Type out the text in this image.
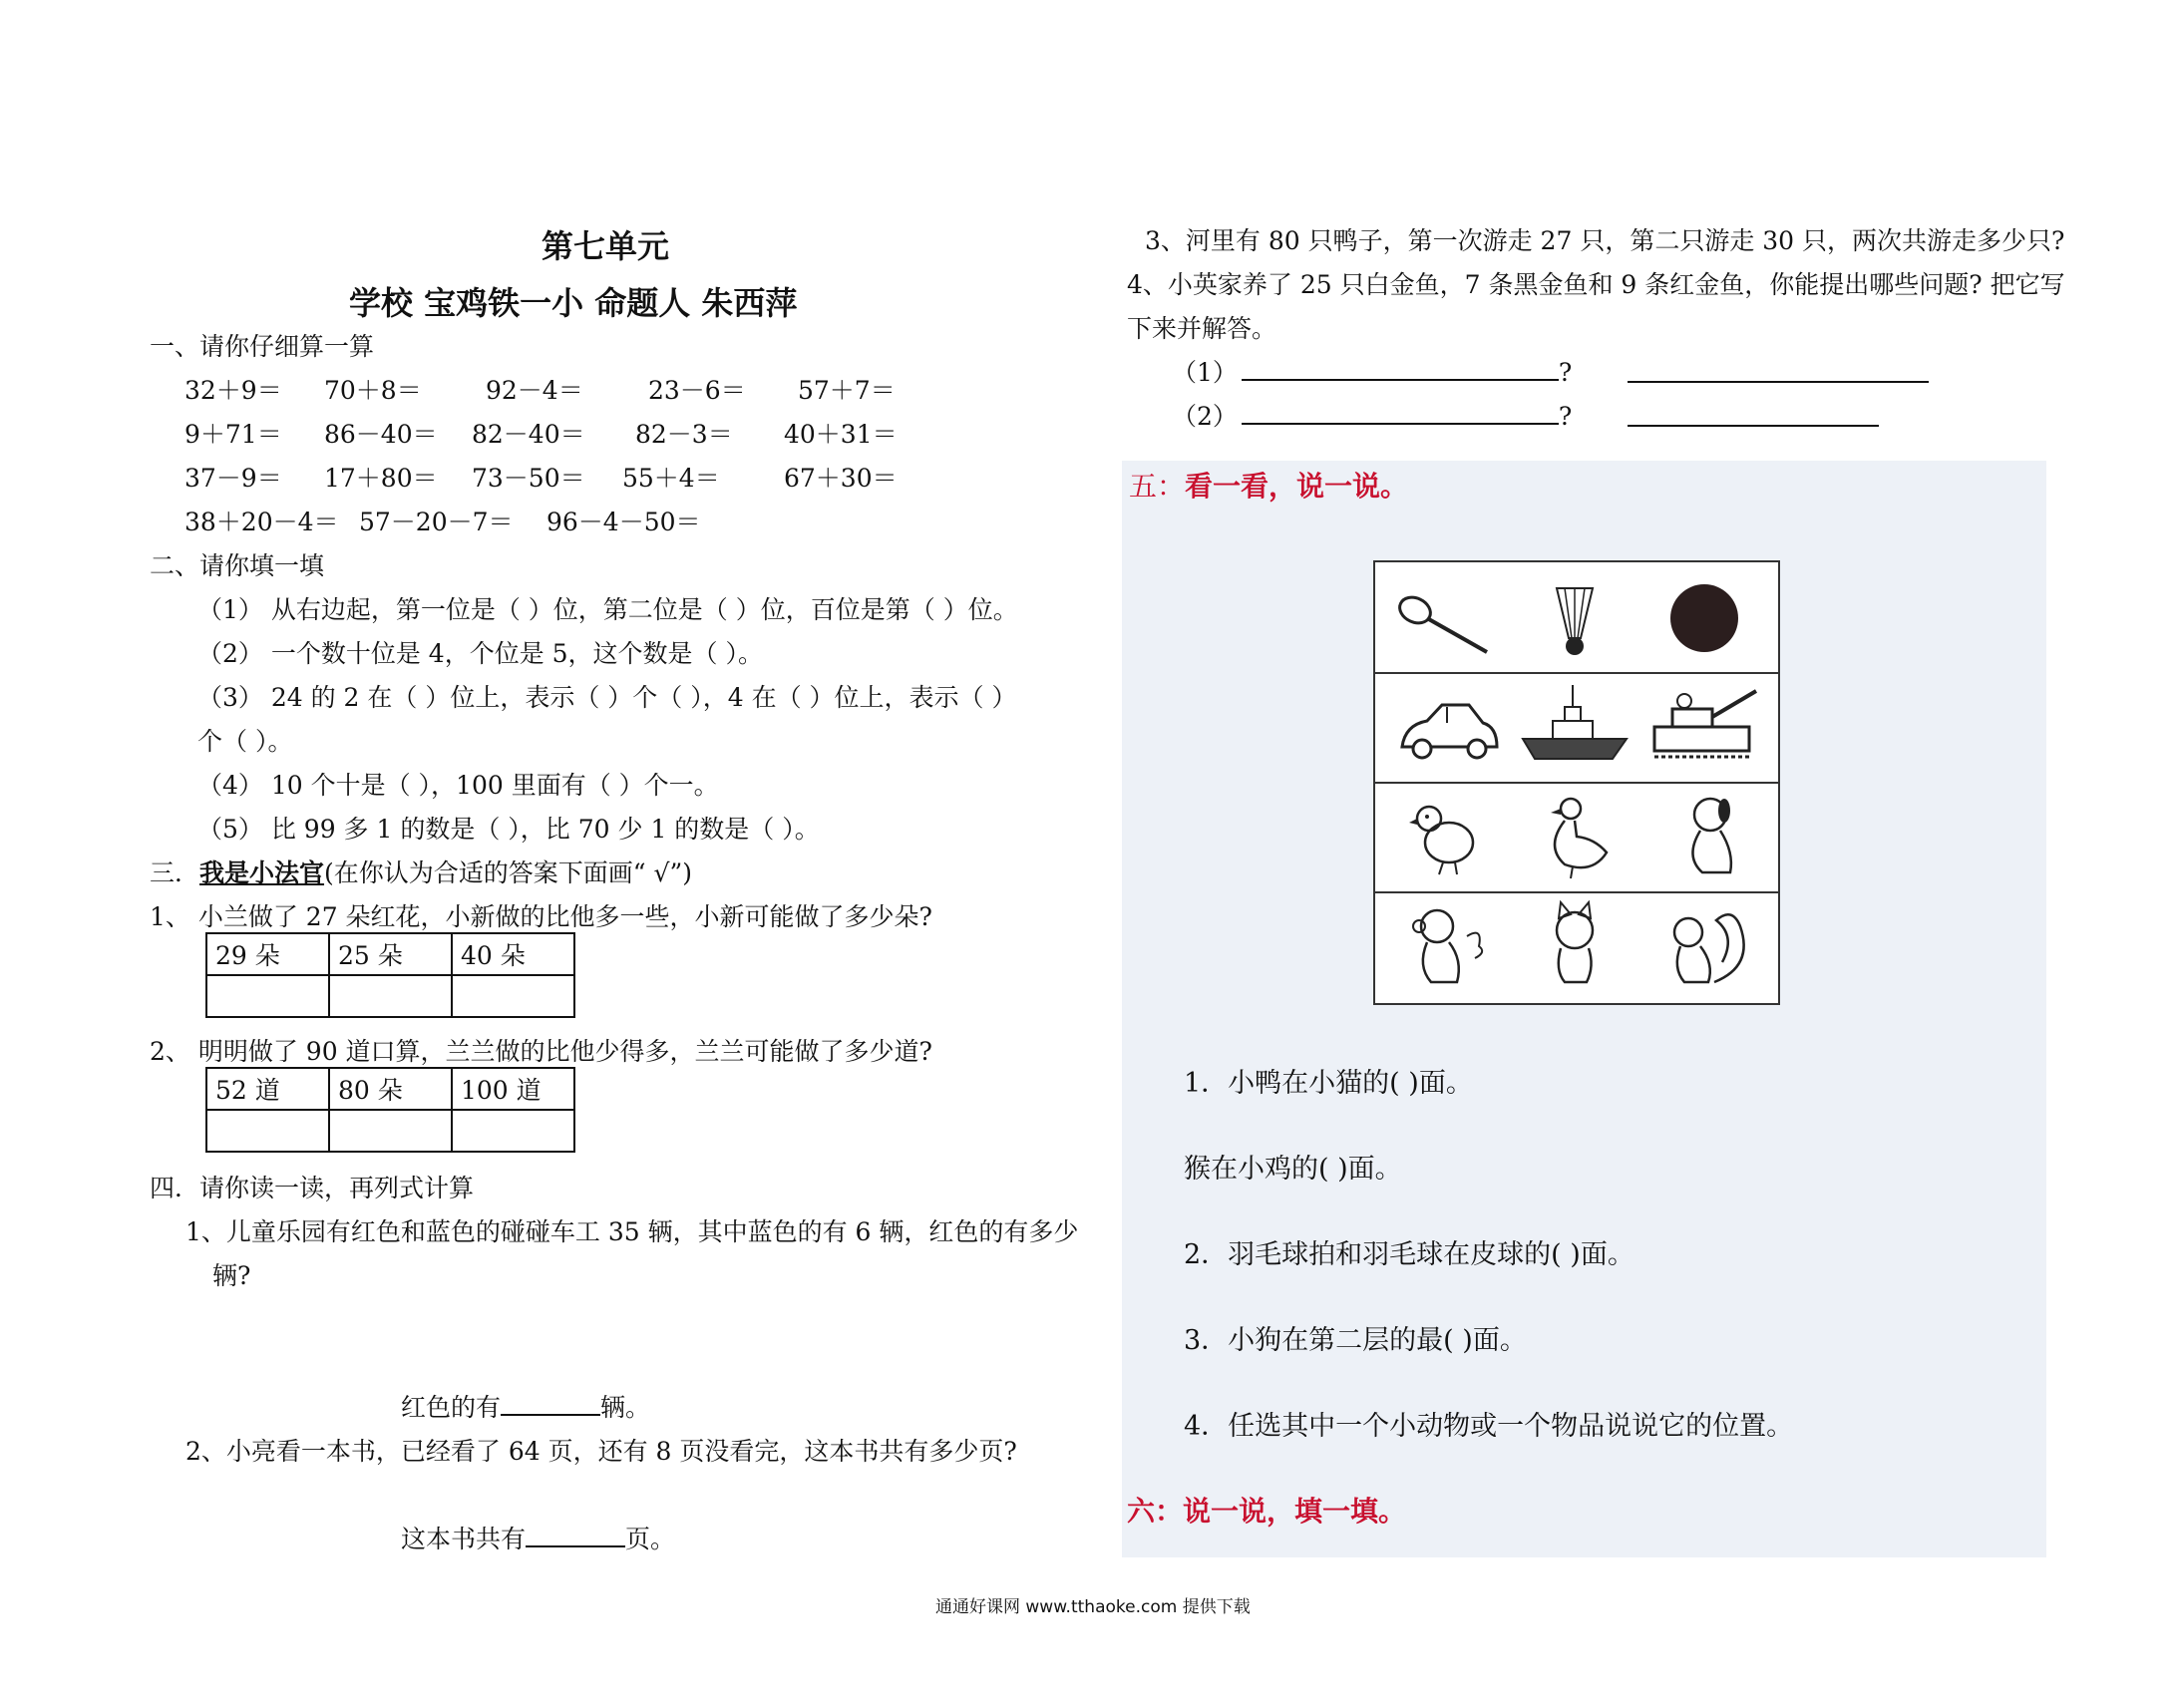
第七单元
学校 宝鸡铁一小 命题人 朱西萍
一、请你仔细算一算
32＋9＝ 70＋8＝	92－4＝	23－6＝ 57＋7＝
9＋71＝ 86－40＝ 82－40＝ 82－3＝ 40＋31＝
37－9＝ 17＋80＝ 73－50＝ 55＋4＝	67＋30＝
38＋20－4＝ 57－20－7＝ 96－4－50＝
二、请你填一填
（1） 从右边起，第一位是（ ）位，第二位是（ ）位，百位是第（ ）位。
（2） 一个数十位是 4，个位是 5，这个数是（ ）。
（3） 24 的 2 在（ ）位上，表示（ ）个（ ），4 在（ ）位上，表示（ ）
个（ ）。
（4） 10 个十是（ ），100 里面有（ ）个一。
（5） 比 99 多 1 的数是（ ），比 70 少 1 的数是（ ）。
三．我是小法官(在你认为合适的答案下面画“ √”)
1、 小兰做了 27 朵红花，小新做的比他多一些，小新可能做了多少朵?
29 朵	25 朵	40 朵

2、 明明做了 90 道口算，兰兰做的比他少得多，兰兰可能做了多少道?
52 道	80 朵	100 道

四．请你读一读，再列式计算
1、儿童乐园有红色和蓝色的碰碰车工 35 辆，其中蓝色的有 6 辆，红色的有多少
辆?
红色的有	辆。
2、小亮看一本书，已经看了 64 页，还有 8 页没看完，这本书共有多少页?
这本书共有	页。
3、河里有 80 只鸭子，第一次游走 27 只，第二只游走 30 只，两次共游走多少只?
4、小英家养了 25 只白金鱼，7 条黑金鱼和 9 条红金鱼，你能提出哪些问题? 把它写
下来并解答。
（1）	?
（2）	?
五：看一看，说一说。
1．小鸭在小猫的( )面。
猴在小鸡的( )面。
2．羽毛球拍和羽毛球在皮球的( )面。
3．小狗在第二层的最( )面。
4．任选其中一个小动物或一个物品说说它的位置。
六：说一说，填一填。
通通好课网 www.tthaoke.com 提供下载
